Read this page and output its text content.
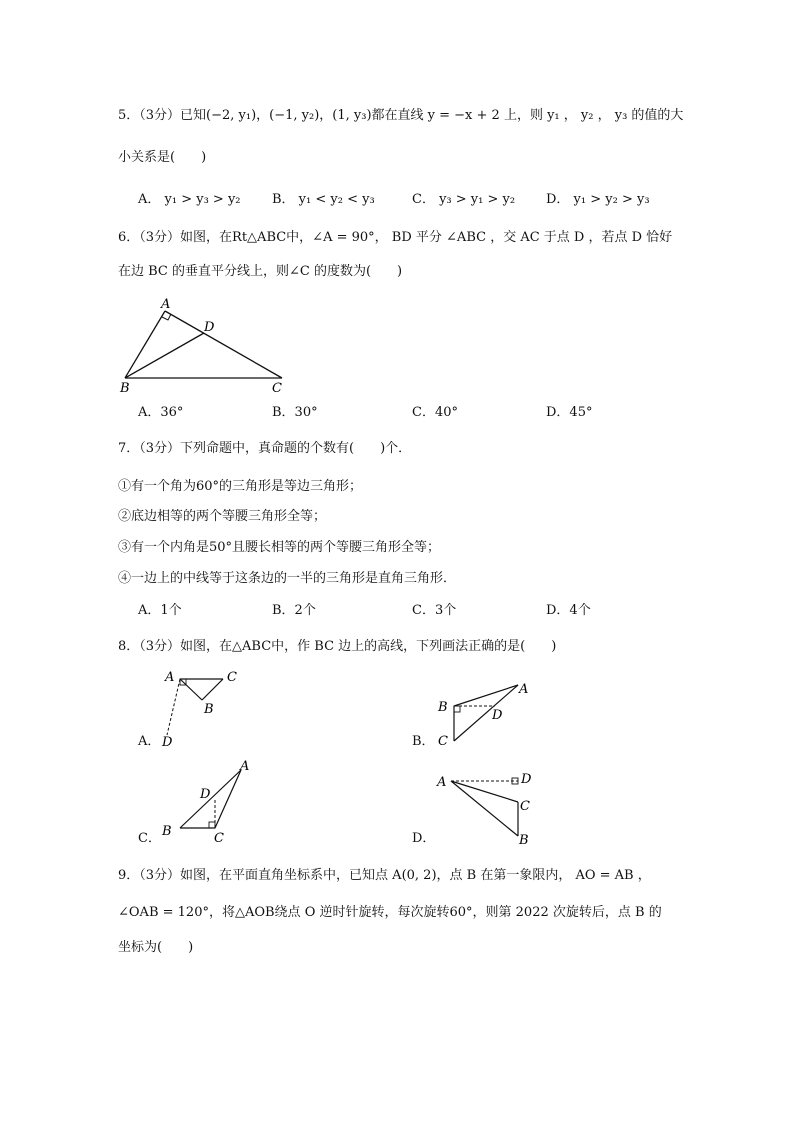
5．（3分）已知(−2, y₁)，(−1, y₂)，(1, y₃)都在直线 y = −x + 2 上，则 y₁ ， y₂ ， y₃ 的值的大
小关系是(　　)
A． y₁ > y₃ > y₂ B． y₁ < y₂ < y₃	C． y₃ > y₁ > y₂ D． y₁ > y₂ > y₃
6．（3分）如图，在Rt△ABC中，∠A = 90°， BD 平分 ∠ABC ，交 AC 于点 D ，若点 D 恰好
在边 BC 的垂直平分线上，则∠C 的度数为(　　)
A
D
B	C
A．36°	B．30°	C．40°	D．45°
7．（3分）下列命题中，真命题的个数有(　　)个．
①有一个角为60°的三角形是等边三角形；
②底边相等的两个等腰三角形全等；
③有一个内角是50°且腰长相等的两个等腰三角形全等；
④一边上的中线等于这条边的一半的三角形是直角三角形．
A．1个	B．2个	C．3个	D．4个
8．（3分）如图，在△ABC中，作 BC 边上的高线，下列画法正确的是(　　)
A．
A	C
B
D	B．
A
B
D
C
C．
A
D
B	C	D．
A	D
C
B
9．（3分）如图，在平面直角坐标系中，已知点 A(0, 2)，点 B 在第一象限内， AO = AB ，
∠OAB = 120°，将△AOB绕点 O 逆时针旋转，每次旋转60°，则第 2022 次旋转后，点 B 的
坐标为(　　)
